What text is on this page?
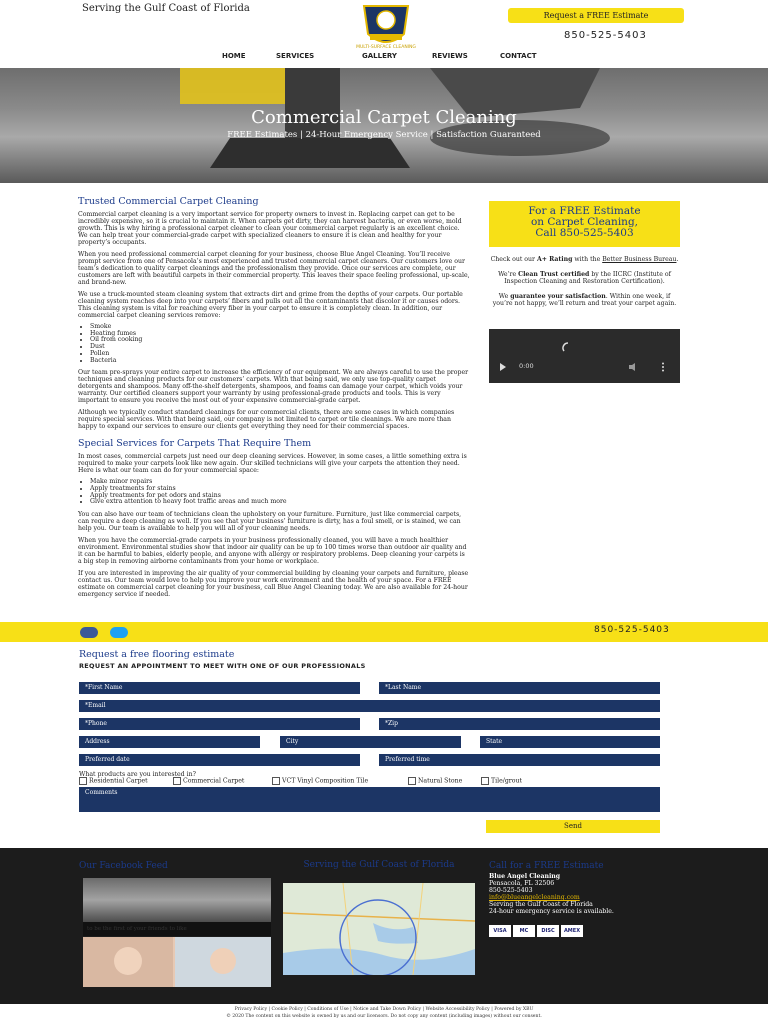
Serving the Gulf Coast of Florida
MULTI-SURFACE CLEANING
Request a FREE Estimate
850-525-5403
HOME	SERVICES	GALLERY	REVIEWS	CONTACT
Commercial Carpet Cleaning
FREE Estimates | 24-Hour Emergency Service | Satisfaction Guaranteed
Trusted Commercial Carpet Cleaning

Commercial carpet cleaning is a very important service for property owners to invest in. Replacing carpet can get to be incredibly expensive, so it is crucial to maintain it. When carpets get dirty, they can harvest bacteria, or even worse, mold growth. This is why hiring a professional carpet cleaner to clean your commercial carpet regularly is an excellent choice. We can help treat your commercial-grade carpet with specialized cleaners to ensure it is clean and healthy for your property’s occupants.

When you need professional commercial carpet cleaning for your business, choose Blue Angel Cleaning. You’ll receive prompt service from one of Pensacola’s most experienced and trusted commercial carpet cleaners. Our customers love our team’s dedication to quality carpet cleanings and the professionalism they provide. Once our services are complete, our customers are left with beautiful carpets in their commercial property. This leaves their space feeling professional, up-scale, and brand-new.

We use a truck-mounted steam cleaning system that extracts dirt and grime from the depths of your carpets. Our portable cleaning system reaches deep into your carpets’ fibers and pulls out all the contaminants that discolor it or causes odors. This cleaning system is vital for reaching every fiber in your carpet to ensure it is completely clean. In addition, our commercial carpet cleaning services remove:

• Smoke
• Heating fumes
• Oil from cooking
• Dust
• Pollen
• Bacteria

Our team pre-sprays your entire carpet to increase the efficiency of our equipment. We are always careful to use the proper techniques and cleaning products for our customers’ carpets. With that being said, we only use top-quality carpet detergents and shampoos. Many off-the-shelf detergents, shampoos, and foams can damage your carpet, which voids your warranty. Our certified cleaners support your warranty by using professional-grade products and tools. This is very important to ensure you receive the most out of your expensive commercial-grade carpet.

Although we typically conduct standard cleanings for our commercial clients, there are some cases in which companies require special services. With that being said, our company is not limited to carpet or tile cleanings. We are more than happy to expand our services to ensure our clients get everything they need for their commercial spaces.

Special Services for Carpets That Require Them

In most cases, commercial carpets just need our deep cleaning services. However, in some cases, a little something extra is required to make your carpets look like new again. Our skilled technicians will give your carpets the attention they need. Here is what our team can do for your commercial space:

• Make minor repairs
• Apply treatments for stains
• Apply treatments for pet odors and stains
• Give extra attention to heavy foot traffic areas and much more

You can also have our team of technicians clean the upholstery on your furniture. Furniture, just like commercial carpets, can require a deep cleaning as well. If you see that your business’ furniture is dirty, has a foul smell, or is stained, we can help you. Our team is available to help you will all of your cleaning needs.

When you have the commercial-grade carpets in your business professionally cleaned, you will have a much healthier environment. Environmental studies show that indoor air quality can be up to 100 times worse than outdoor air quality and it can be harmful to babies, elderly people, and anyone with allergy or respiratory problems. Deep cleaning your carpets is a big step in removing airborne contaminants from your home or workplace.

If you are interested in improving the air quality of your commercial building by cleaning your carpets and furniture, please contact us. Our team would love to help you improve your work environment and the health of your space. For a FREE estimate on commercial carpet cleaning for your business, call Blue Angel Cleaning today. We are also available for 24-hour emergency service if needed.

For a FREE Estimate
on Carpet Cleaning,
Call 850-525-5403

Check out our A+ Rating with the Better Business Bureau.

We’re Clean Trust certified by the IICRC (Institute of Inspection Cleaning and Restoration Certification).

We guarantee your satisfaction. Within one week, if you’re not happy, we’ll return and treat your carpet again.

0:00
850-525-5403
Request a free flooring estimate
REQUEST AN APPOINTMENT TO MEET WITH ONE OF OUR PROFESSIONALS
*First Name	*Last Name
*Email
*Phone	*Zip
Address	City	State
Preferred date	Preferred time
What products are you interested in?
Residential Carpet	Commercial Carpet	VCT Vinyl Composition Tile	Natural Stone	Tile/grout
Comments
Send
Our Facebook Feed
to be the first of your friends to like
Serving the Gulf Coast of Florida	Call for a FREE Estimate
Blue Angel Cleaning
Pensacola, FL 32506
850-525-5403
info@blueangelcleaning.com
Serving the Gulf Coast of Florida
24-hour emergency service is available.
VISA	MC	DISC AMEX
Privacy Policy | Cookie Policy | Conditions of Use | Notice and Take Down Policy | Website Accessibility Policy | Powered by XBU
© 2020 The content on this website is owned by us and our licensors. Do not copy any content (including images) without our consent.
